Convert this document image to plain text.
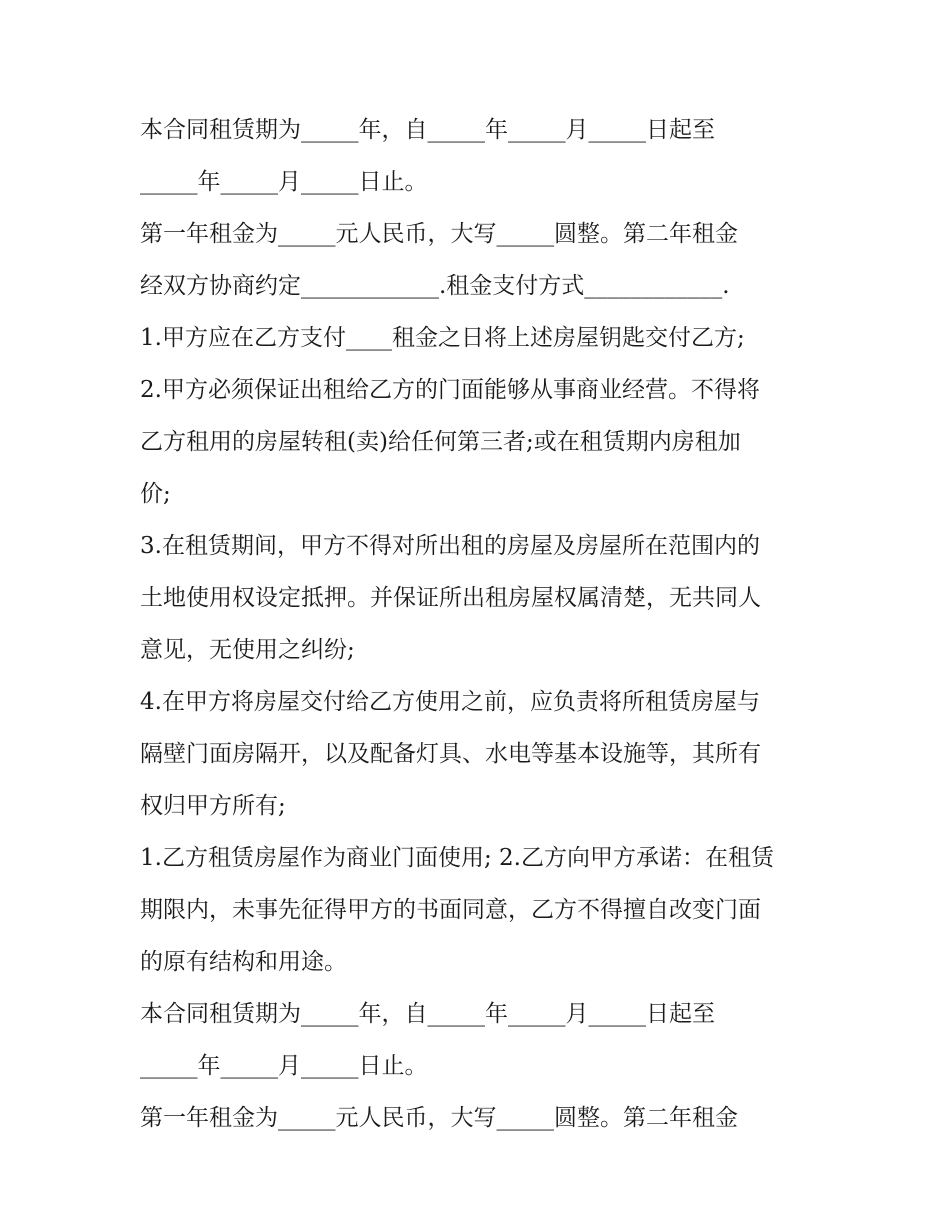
本合同租赁期为_____年，自_____年_____月_____日起至
_____年_____月_____日止。
第一年租金为_____元人民币，大写_____圆整。第二年租金
经双方协商约定____________.租金支付方式____________.
1.甲方应在乙方支付____租金之日将上述房屋钥匙交付乙方;
2.甲方必须保证出租给乙方的门面能够从事商业经营。不得将
乙方租用的房屋转租(卖)给任何第三者;或在租赁期内房租加
价;
3.在租赁期间，甲方不得对所出租的房屋及房屋所在范围内的
土地使用权设定抵押。并保证所出租房屋权属清楚，无共同人
意见，无使用之纠纷;
4.在甲方将房屋交付给乙方使用之前，应负责将所租赁房屋与
隔壁门面房隔开，以及配备灯具、水电等基本设施等，其所有
权归甲方所有;
1.乙方租赁房屋作为商业门面使用; 2.乙方向甲方承诺：在租赁
期限内，未事先征得甲方的书面同意，乙方不得擅自改变门面
的原有结构和用途。
本合同租赁期为_____年，自_____年_____月_____日起至
_____年_____月_____日止。
第一年租金为_____元人民币，大写_____圆整。第二年租金
